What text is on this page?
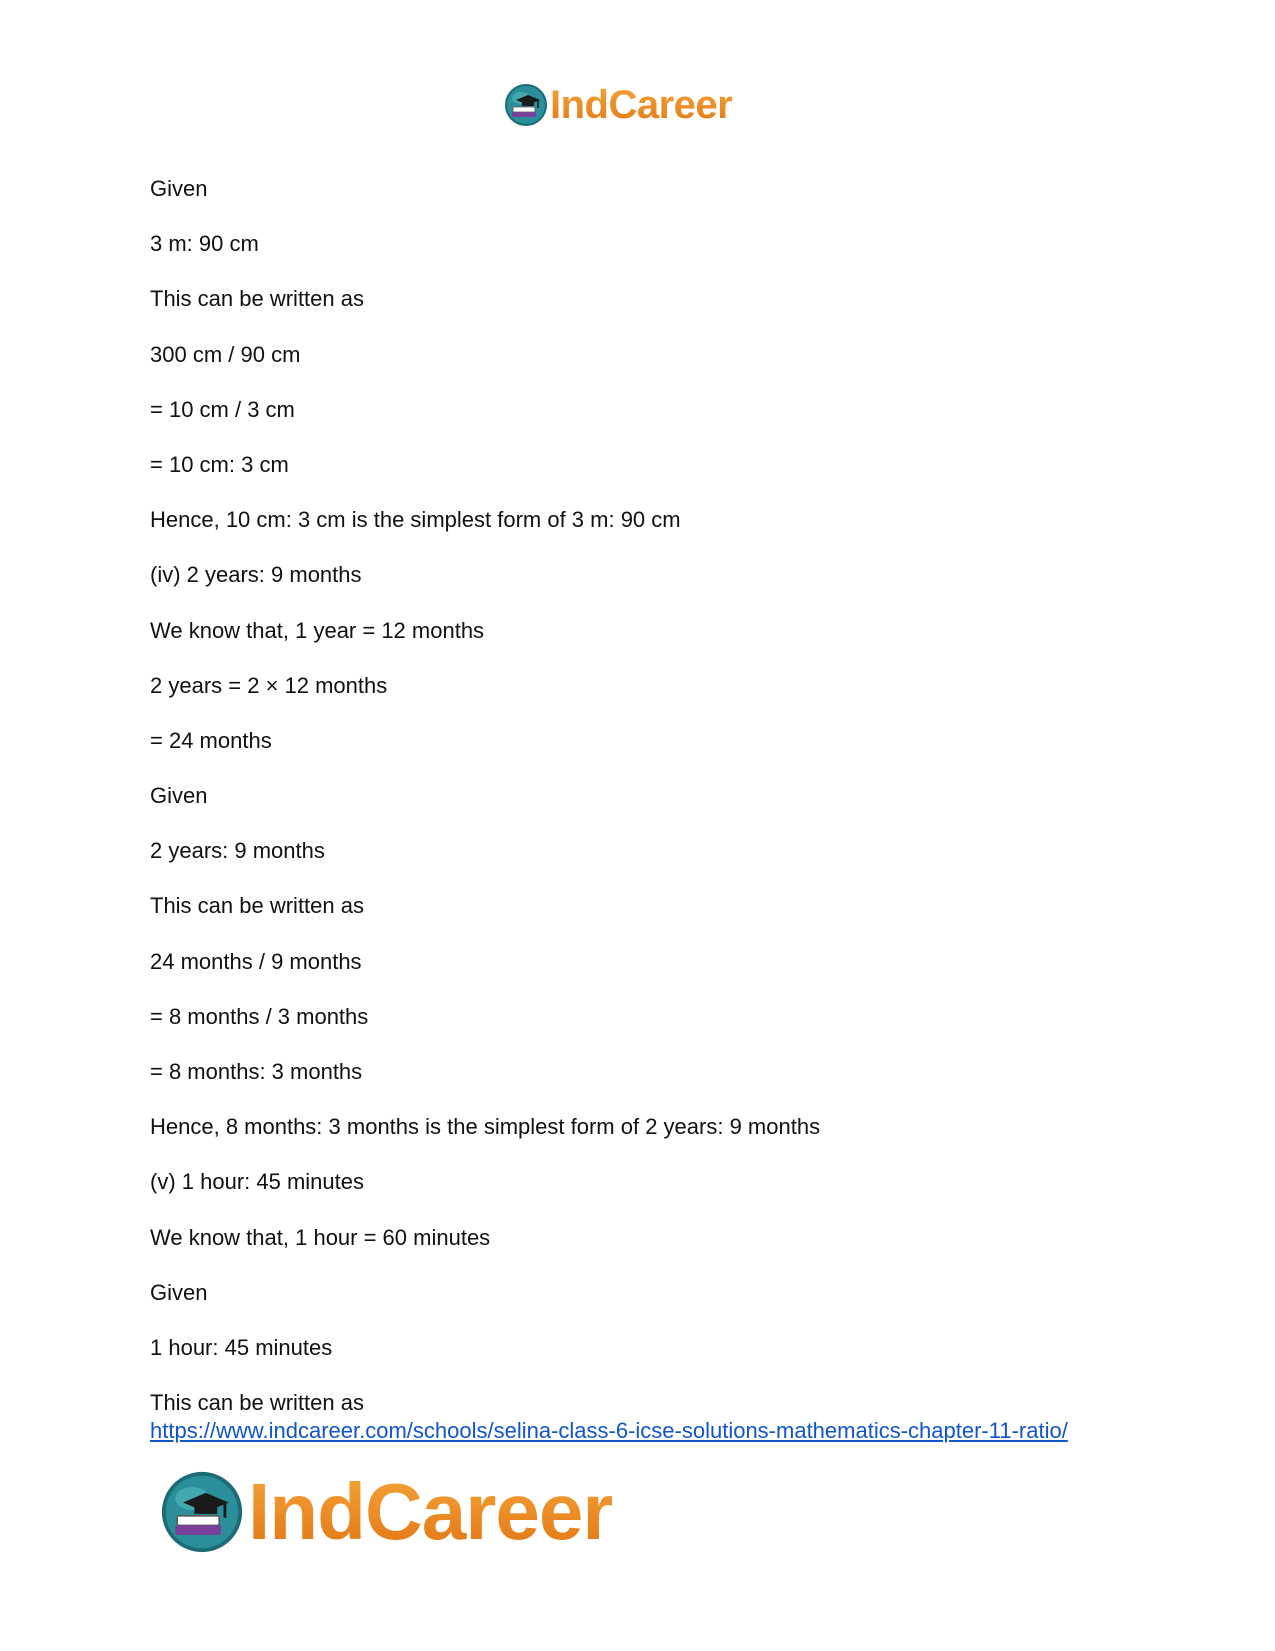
IndCareer

Given

3 m: 90 cm

This can be written as

300 cm / 90 cm

= 10 cm / 3 cm

= 10 cm: 3 cm

Hence, 10 cm: 3 cm is the simplest form of 3 m: 90 cm

(iv) 2 years: 9 months

We know that, 1 year = 12 months

2 years = 2 × 12 months

= 24 months

Given

2 years: 9 months

This can be written as

24 months / 9 months

= 8 months / 3 months

= 8 months: 3 months

Hence, 8 months: 3 months is the simplest form of 2 years: 9 months

(v) 1 hour: 45 minutes

We know that, 1 hour = 60 minutes

Given

1 hour: 45 minutes

This can be written as

https://www.indcareer.com/schools/selina-class-6-icse-solutions-mathematics-chapter-11-ratio/
IndCareer
